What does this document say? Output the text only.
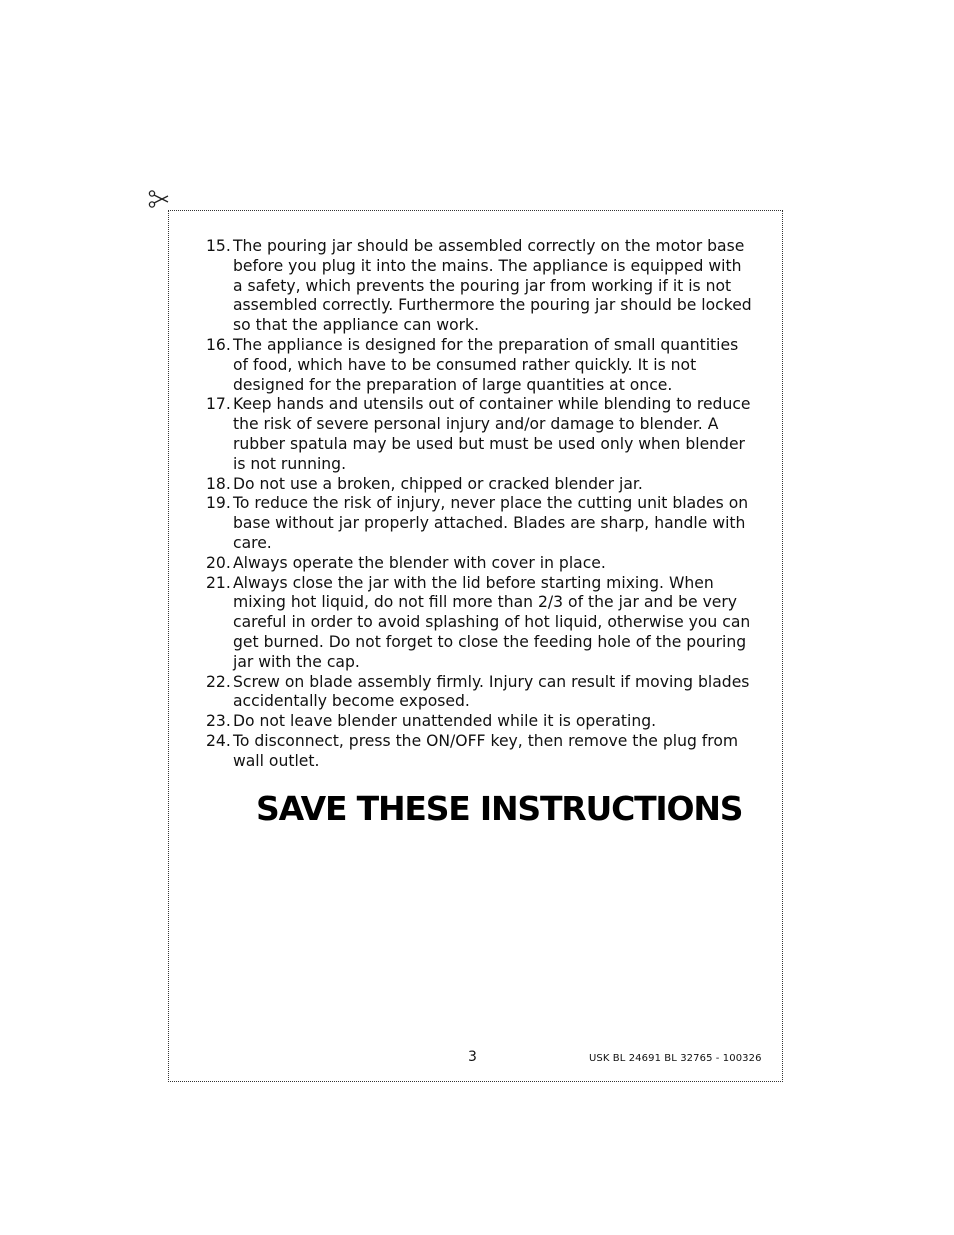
15. The pouring jar should be assembled correctly on the motor base before you plug it into the mains. The appliance is equipped with a safety, which prevents the pouring jar from working if it is not assembled correctly. Furthermore the pouring jar should be locked so that the appliance can work.
16. The appliance is designed for the preparation of small quantities of food, which have to be consumed rather quickly. It is not designed for the preparation of large quantities at once.
17. Keep hands and utensils out of container while blending to reduce the risk of severe personal injury and/or damage to blender. A rubber spatula may be used but must be used only when blender is not running.
18. Do not use a broken, chipped or cracked blender jar.
19. To reduce the risk of injury, never place the cutting unit blades on base without jar properly attached. Blades are sharp, handle with care.
20. Always operate the blender with cover in place.
21. Always close the jar with the lid before starting mixing. When mixing hot liquid, do not fill more than 2/3 of the jar and be very careful in order to avoid splashing of hot liquid, otherwise you can get burned. Do not forget to close the feeding hole of the pouring jar with the cap.
22. Screw on blade assembly firmly. Injury can result if moving blades accidentally become exposed.
23. Do not leave blender unattended while it is operating.
24. To disconnect, press the ON/OFF key, then remove the plug from wall outlet.
SAVE THESE INSTRUCTIONS
3	USK BL 24691 BL 32765 - 100326
